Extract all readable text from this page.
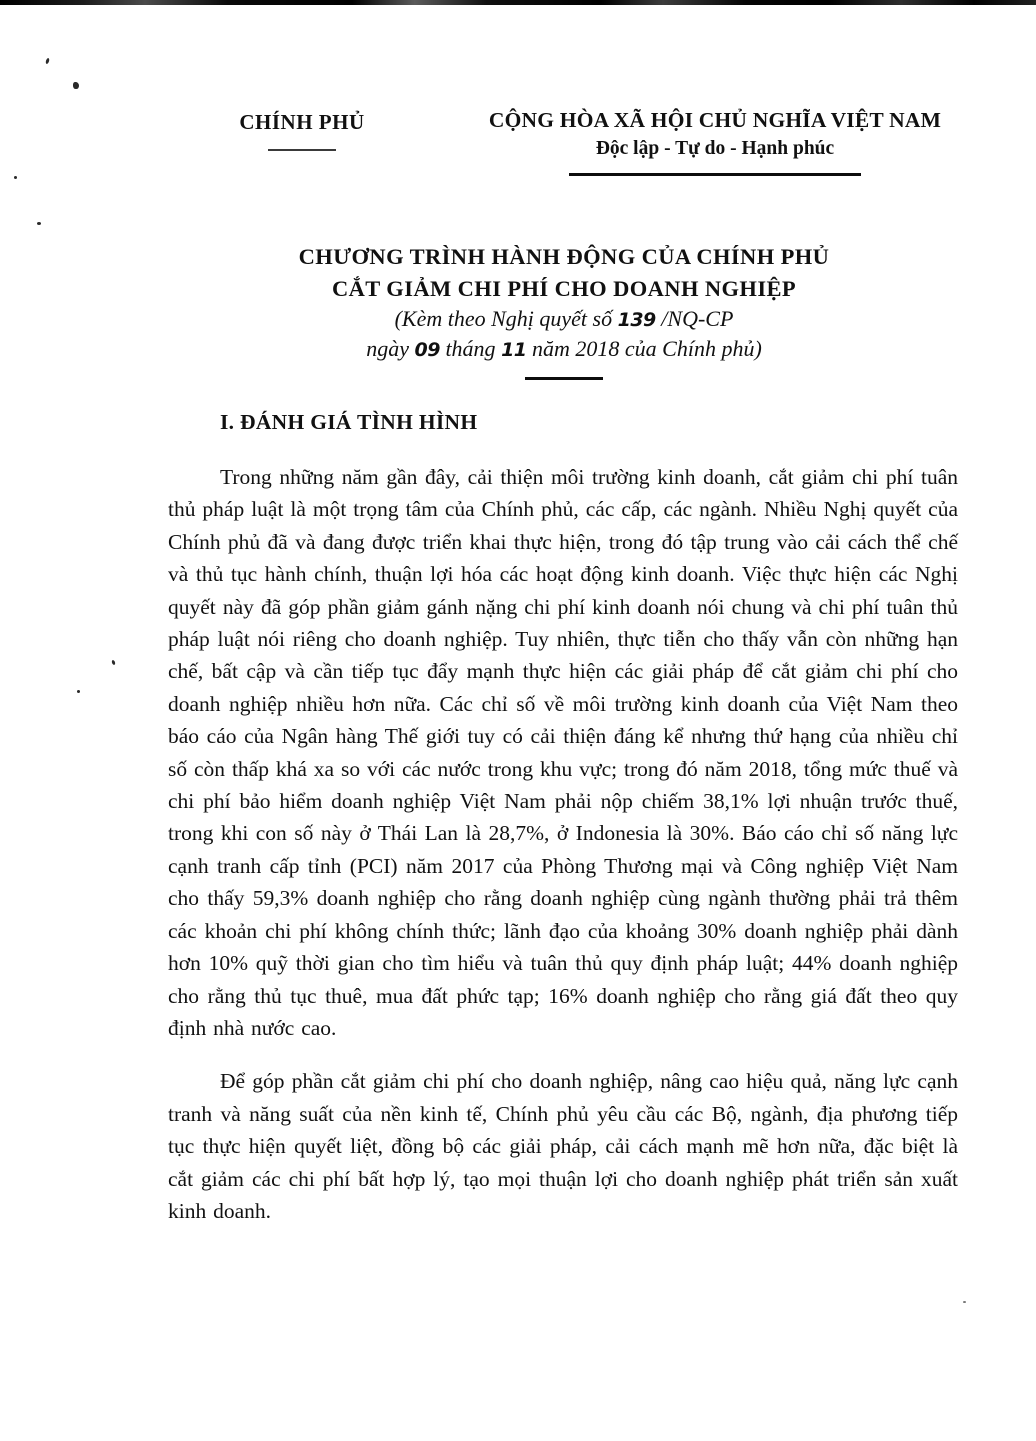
CHÍNH PHỦ	CỘNG HÒA XÃ HỘI CHỦ NGHĨA VIỆT NAM
Độc lập - Tự do - Hạnh phúc
CHƯƠNG TRÌNH HÀNH ĐỘNG CỦA CHÍNH PHỦ
CẮT GIẢM CHI PHÍ CHO DOANH NGHIỆP
(Kèm theo Nghị quyết số 139 /NQ-CP
ngày 09 tháng 11 năm 2018 của Chính phủ)
I. ĐÁNH GIÁ TÌNH HÌNH

Trong những năm gần đây, cải thiện môi trường kinh doanh, cắt giảm chi phí tuân thủ pháp luật là một trọng tâm của Chính phủ, các cấp, các ngành. Nhiều Nghị quyết của Chính phủ đã và đang được triển khai thực hiện, trong đó tập trung vào cải cách thể chế và thủ tục hành chính, thuận lợi hóa các hoạt động kinh doanh. Việc thực hiện các Nghị quyết này đã góp phần giảm gánh nặng chi phí kinh doanh nói chung và chi phí tuân thủ pháp luật nói riêng cho doanh nghiệp. Tuy nhiên, thực tiễn cho thấy vẫn còn những hạn chế, bất cập và cần tiếp tục đẩy mạnh thực hiện các giải pháp để cắt giảm chi phí cho doanh nghiệp nhiều hơn nữa. Các chỉ số về môi trường kinh doanh của Việt Nam theo báo cáo của Ngân hàng Thế giới tuy có cải thiện đáng kể nhưng thứ hạng của nhiều chỉ số còn thấp khá xa so với các nước trong khu vực; trong đó năm 2018, tổng mức thuế và chi phí bảo hiểm doanh nghiệp Việt Nam phải nộp chiếm 38,1% lợi nhuận trước thuế, trong khi con số này ở Thái Lan là 28,7%, ở Indonesia là 30%. Báo cáo chỉ số năng lực cạnh tranh cấp tỉnh (PCI) năm 2017 của Phòng Thương mại và Công nghiệp Việt Nam cho thấy 59,3% doanh nghiệp cho rằng doanh nghiệp cùng ngành thường phải trả thêm các khoản chi phí không chính thức; lãnh đạo của khoảng 30% doanh nghiệp phải dành hơn 10% quỹ thời gian cho tìm hiểu và tuân thủ quy định pháp luật; 44% doanh nghiệp cho rằng thủ tục thuê, mua đất phức tạp; 16% doanh nghiệp cho rằng giá đất theo quy định nhà nước cao.

Để góp phần cắt giảm chi phí cho doanh nghiệp, nâng cao hiệu quả, năng lực cạnh tranh và năng suất của nền kinh tế, Chính phủ yêu cầu các Bộ, ngành, địa phương tiếp tục thực hiện quyết liệt, đồng bộ các giải pháp, cải cách mạnh mẽ hơn nữa, đặc biệt là cắt giảm các chi phí bất hợp lý, tạo mọi thuận lợi cho doanh nghiệp phát triển sản xuất kinh doanh.
